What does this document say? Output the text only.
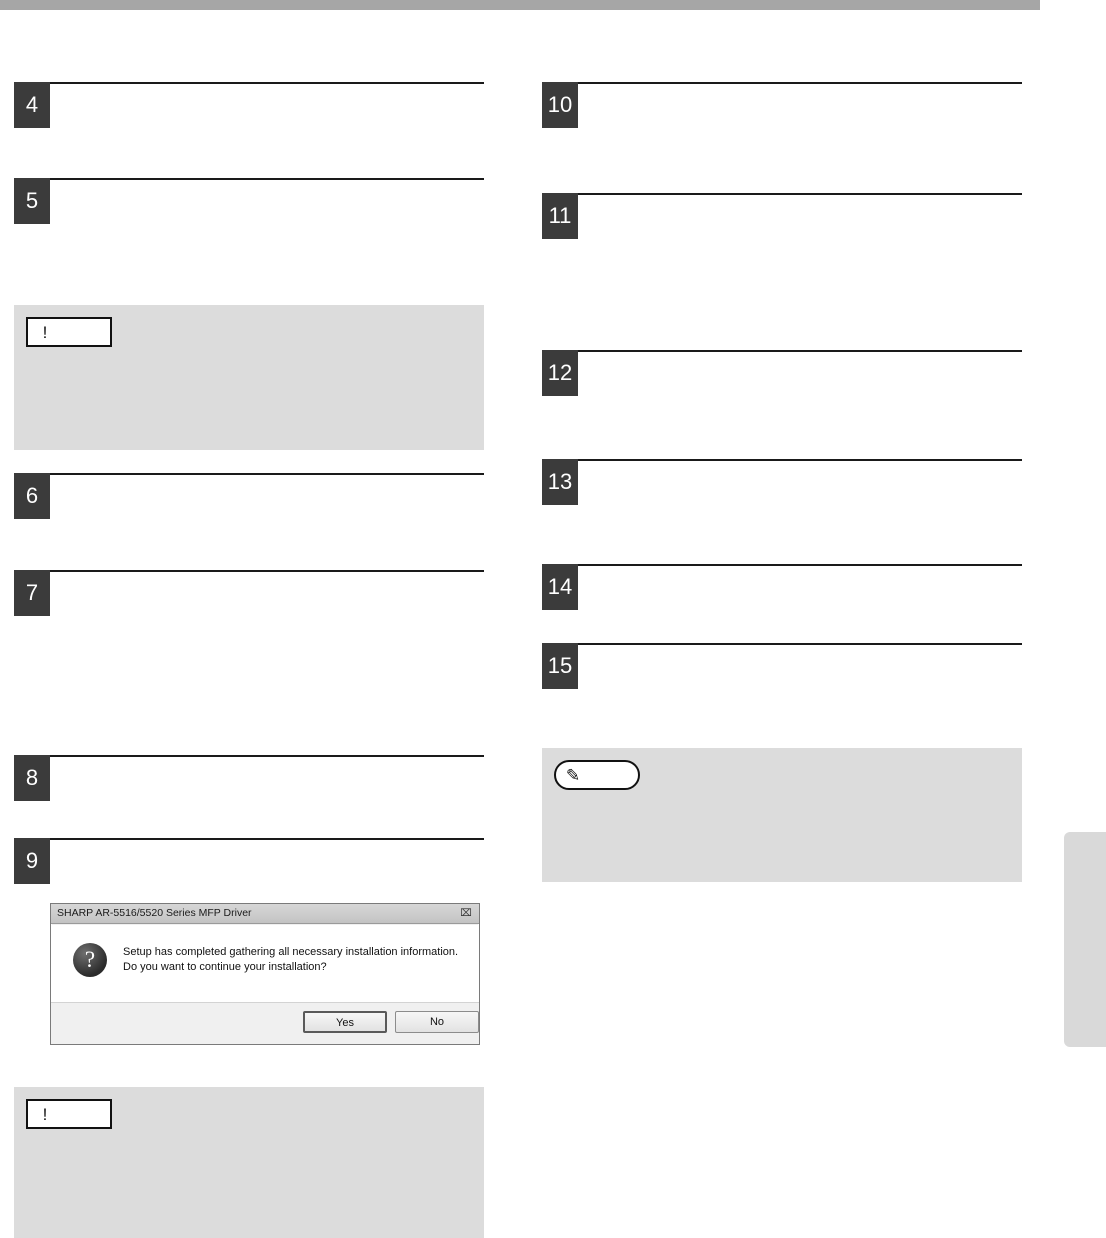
4
5
!
6
7
8
9
SHARP AR-5516/5520 Series MFP Driver	⌧
?	Setup has completed gathering all necessary installation information.
Do you want to continue your installation?
Yes	No
!
10
11
12
13
14
15
✎
